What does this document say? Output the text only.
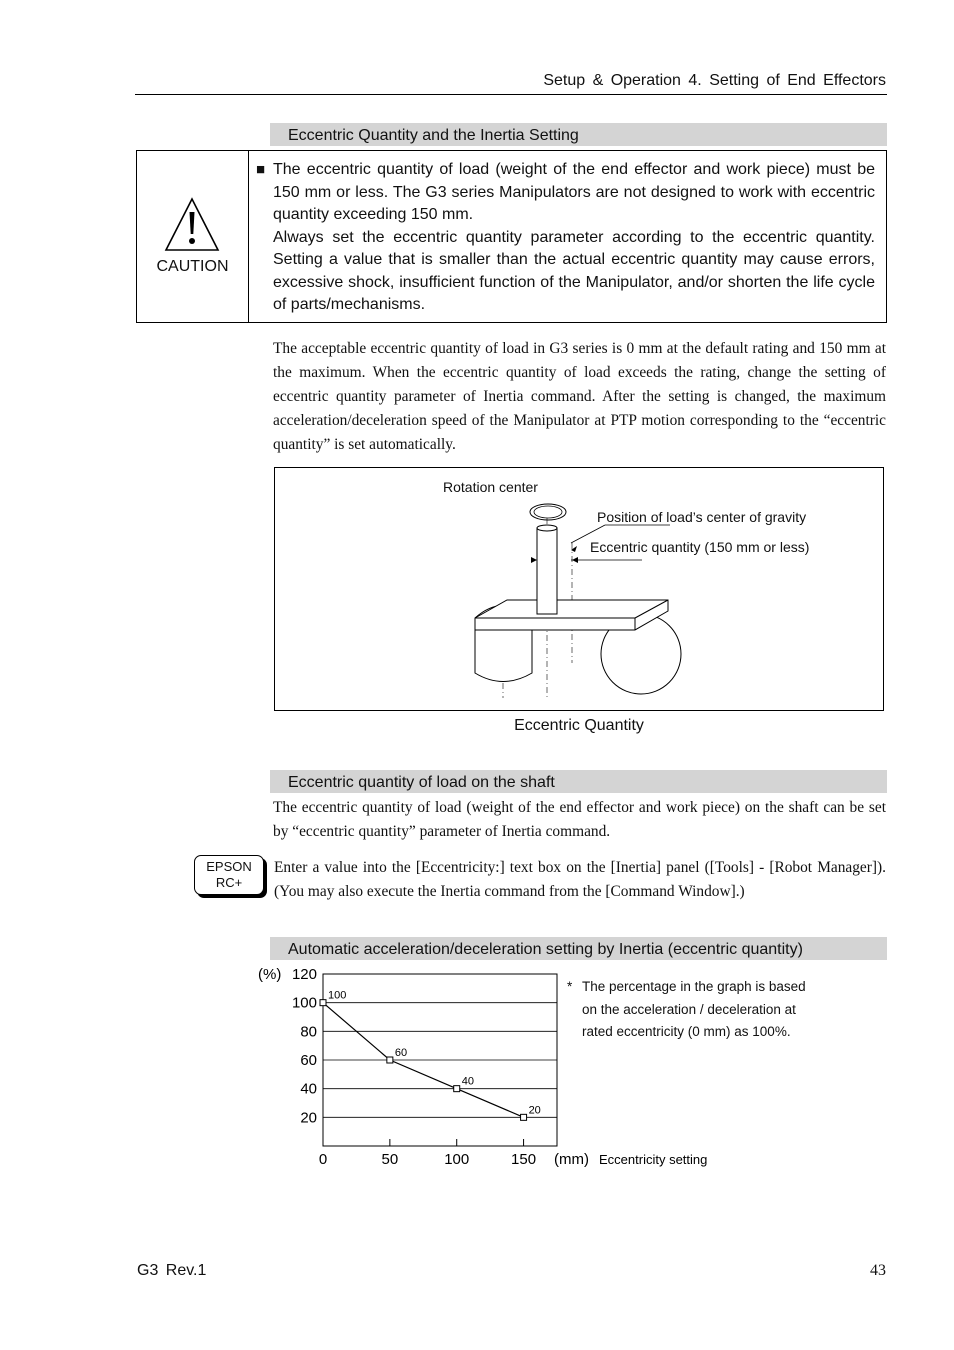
Setup & Operation 4. Setting of End Effectors
Eccentric Quantity and the Inertia Setting
CAUTION
■ The eccentric quantity of load (weight of the end effector and work piece) must be 150 mm or less. The G3 series Manipulators are not designed to work with eccentric quantity exceeding 150 mm.
Always set the eccentric quantity parameter according to the eccentric quantity. Setting a value that is smaller than the actual eccentric quantity may cause errors, excessive shock, insufficient function of the Manipulator, and/or shorten the life cycle of parts/mechanisms.
The acceptable eccentric quantity of load in G3 series is 0 mm at the default rating and 150 mm at the maximum. When the eccentric quantity of load exceeds the rating, change the setting of eccentric quantity parameter of Inertia command. After the setting is changed, the maximum acceleration/deceleration speed of the Manipulator at PTP motion corresponding to the “eccentric quantity” is set automatically.
Rotation center
Position of load’s center of gravity
Eccentric quantity (150 mm or less)
Eccentric Quantity
Eccentric quantity of load on the shaft
The eccentric quantity of load (weight of the end effector and work piece) on the shaft can be set by “eccentric quantity” parameter of Inertia command.
EPSON
RC+
Enter a value into the [Eccentricity:] text box on the [Inertia] panel ([Tools] - [Robot Manager]). (You may also execute the Inertia command from the [Command Window].)
Automatic acceleration/deceleration setting by Inertia (eccentric quantity)
20
40
60
80
100
120
(%)
0	50	100	150 (mm) Eccentricity setting
100
60
40
20
* The percentage in the graph is based on the acceleration / deceleration at rated eccentricity (0 mm) as 100%.
G3 Rev.1	43
